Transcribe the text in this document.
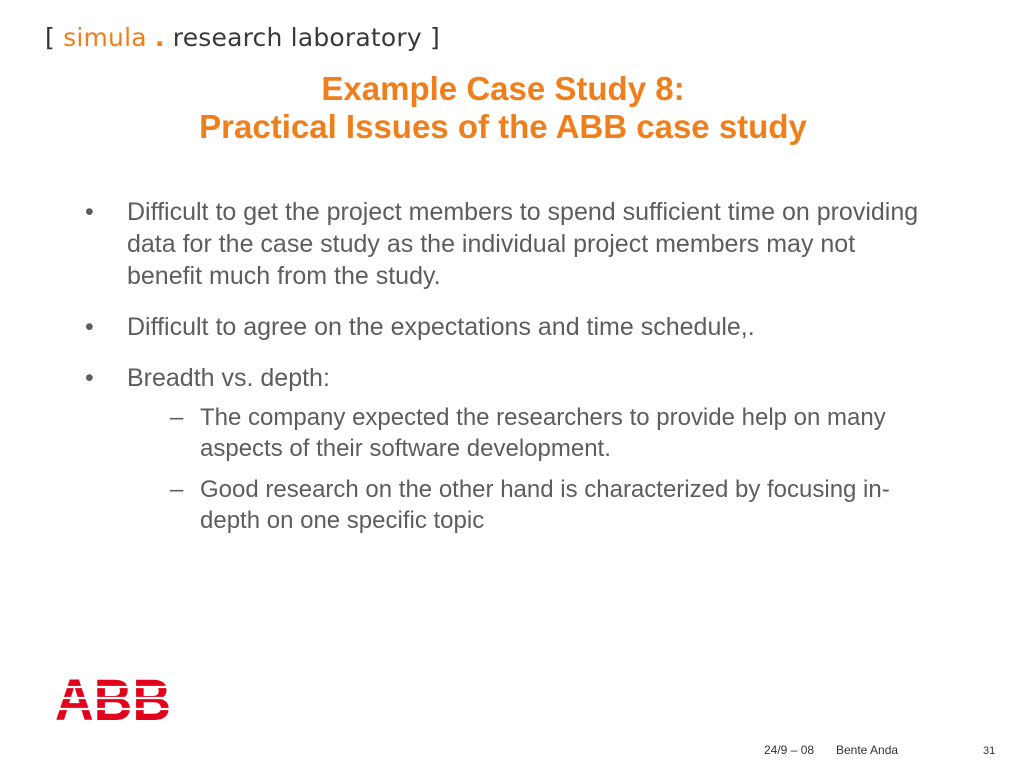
[ simula . research laboratory ]
Example Case Study 8:
Practical Issues of the ABB case study
• Difficult to get the project members to spend sufficient time on providing data for the case study as the individual project members may not benefit much from the study.
• Difficult to agree on the expectations and time schedule,.
• Breadth vs. depth:
– The company expected the researchers to provide help on many aspects of their software development.
– Good research on the other hand is characterized by focusing in-depth on one specific topic
ABB
24/9 – 08 Bente Anda	31
